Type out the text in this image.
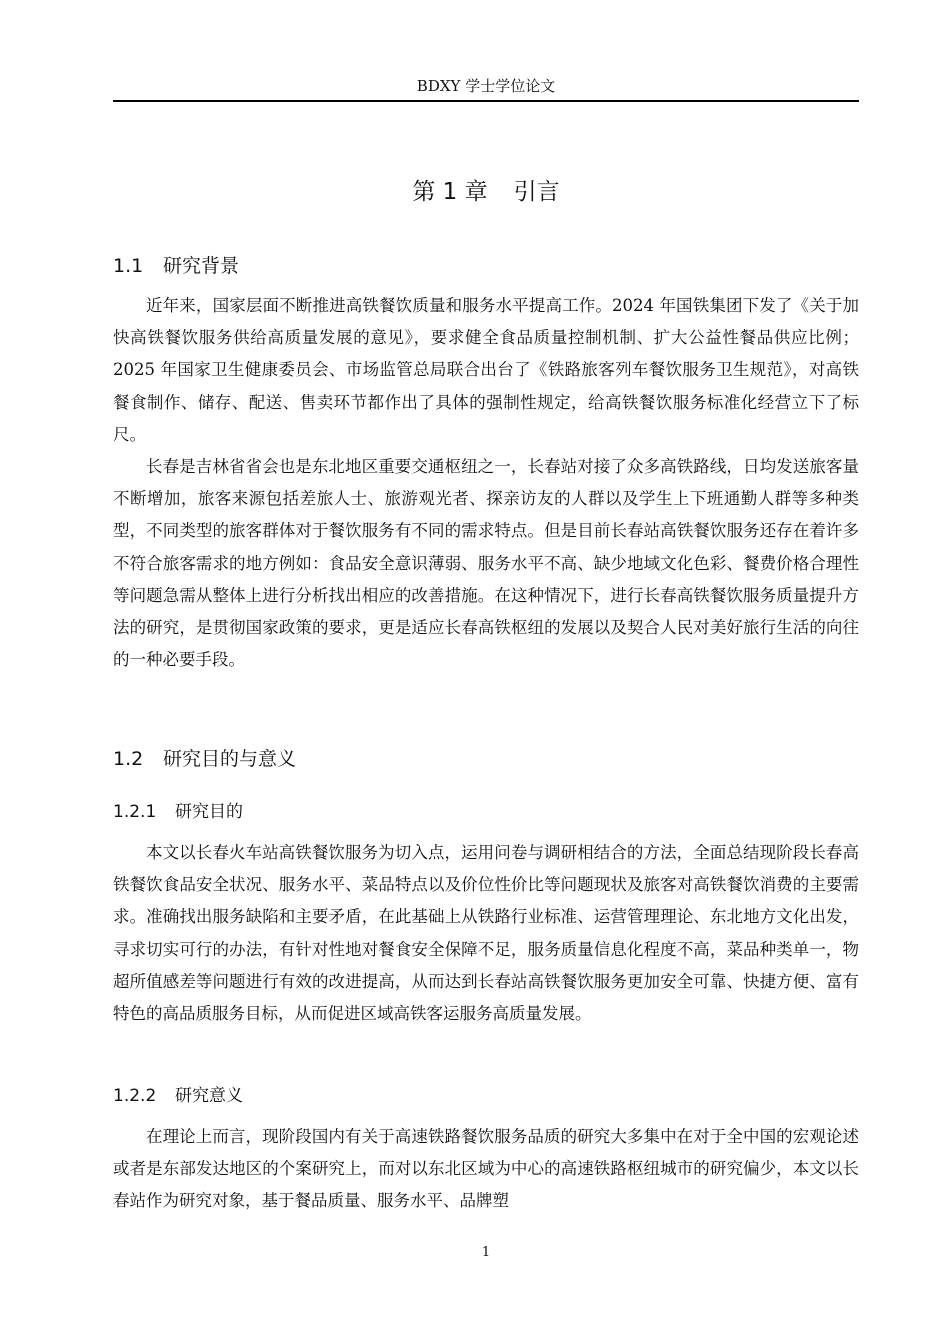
BDXY 学士学位论文
第 1 章 引言
1.1 研究背景

近年来，国家层面不断推进高铁餐饮质量和服务水平提高工作。2024 年国铁集团下发了《关于加快高铁餐饮服务供给高质量发展的意见》，要求健全食品质量控制机制、扩大公益性餐品供应比例；2025 年国家卫生健康委员会、市场监管总局联合出台了《铁路旅客列车餐饮服务卫生规范》，对高铁餐食制作、储存、配送、售卖环节都作出了具体的强制性规定，给高铁餐饮服务标准化经营立下了标尺。

长春是吉林省省会也是东北地区重要交通枢纽之一，长春站对接了众多高铁路线，日均发送旅客量不断增加，旅客来源包括差旅人士、旅游观光者、探亲访友的人群以及学生上下班通勤人群等多种类型，不同类型的旅客群体对于餐饮服务有不同的需求特点。但是目前长春站高铁餐饮服务还存在着许多不符合旅客需求的地方例如：食品安全意识薄弱、服务水平不高、缺少地域文化色彩、餐费价格合理性等问题急需从整体上进行分析找出相应的改善措施。在这种情况下，进行长春高铁餐饮服务质量提升方法的研究，是贯彻国家政策的要求，更是适应长春高铁枢纽的发展以及契合人民对美好旅行生活的向往的一种必要手段。

1.2 研究目的与意义
1.2.1 研究目的

本文以长春火车站高铁餐饮服务为切入点，运用问卷与调研相结合的方法，全面总结现阶段长春高铁餐饮食品安全状况、服务水平、菜品特点以及价位性价比等问题现状及旅客对高铁餐饮消费的主要需求。准确找出服务缺陷和主要矛盾，在此基础上从铁路行业标准、运营管理理论、东北地方文化出发，寻求切实可行的办法，有针对性地对餐食安全保障不足，服务质量信息化程度不高，菜品种类单一，物超所值感差等问题进行有效的改进提高，从而达到长春站高铁餐饮服务更加安全可靠、快捷方便、富有特色的高品质服务目标，从而促进区域高铁客运服务高质量发展。

1.2.2 研究意义

在理论上而言，现阶段国内有关于高速铁路餐饮服务品质的研究大多集中在对于全中国的宏观论述或者是东部发达地区的个案研究上，而对以东北区域为中心的高速铁路枢纽城市的研究偏少，本文以长春站作为研究对象，基于餐品质量、服务水平、品牌塑

1
